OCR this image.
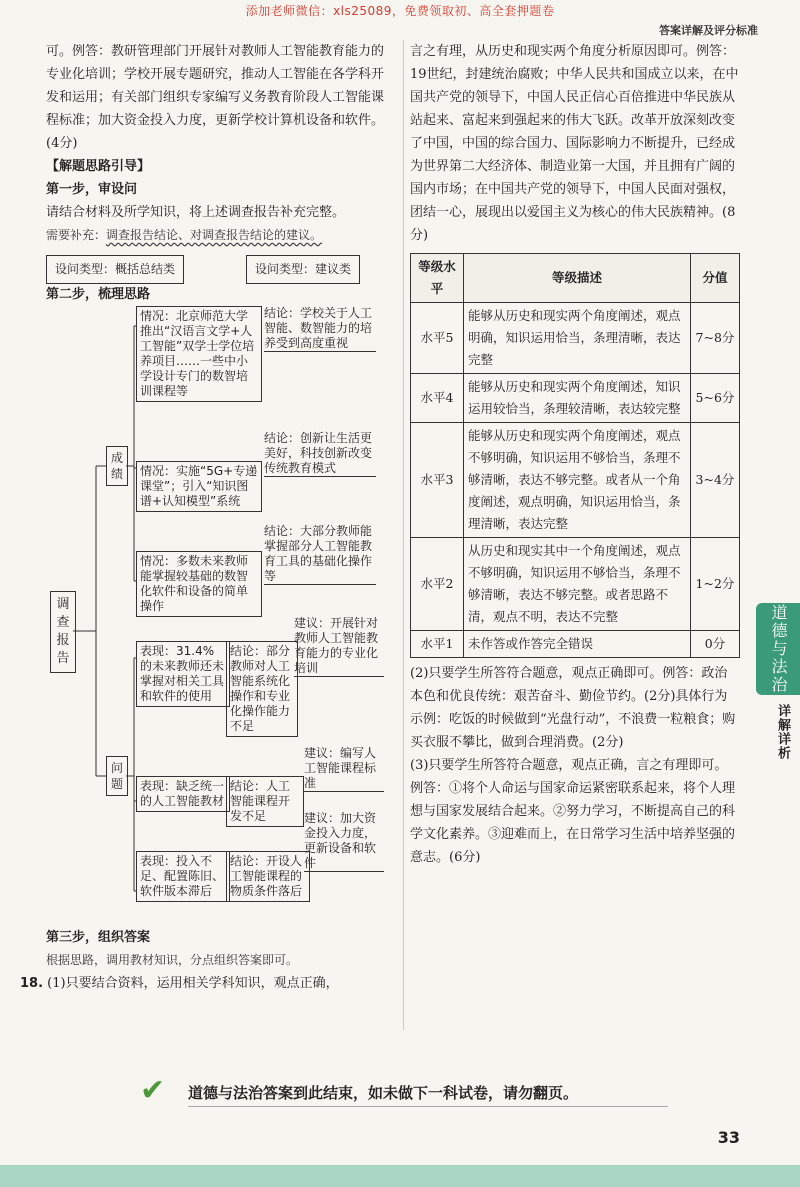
添加老师微信：xls25089，免费领取初、高全套押题卷
答案详解及评分标准

可。例答：教研管理部门开展针对教师人工智能教育能力的专业化培训；学校开展专题研究，推动人工智能在各学科开发和运用；有关部门组织专家编写义务教育阶段人工智能课程标准；加大资金投入力度，更新学校计算机设备和软件。(4分)

【解题思路引导】

第一步，审设问

请结合材料及所学知识，将上述调查报告补充完整。

需要补充：调查报告结论、对调查报告结论的建议。

设问类型：概括总结类	设问类型：建议类

第二步，梳理思路

调查报告
成绩
问题
情况：北京师范大学推出“汉语言文学+人工智能”双学士学位培养项目……一些中小学设计专门的数智培训课程等
结论：学校关于人工智能、数智能力的培养受到高度重视
情况：实施“5G+专递课堂”；引入“知识图谱+认知模型”系统
结论：创新让生活更美好，科技创新改变传统教育模式
情况：多数未来教师能掌握较基础的数智化软件和设备的简单操作
结论：大部分教师能掌握部分人工智能教育工具的基础化操作等
建议：开展针对教师人工智能教育能力的专业化培训
表现：31.4%的未来教师还未掌握对相关工具和软件的使用
结论：部分教师对人工智能系统化操作和专业化操作能力不足
建议：编写人工智能课程标准
表现：缺乏统一的人工智能教材
结论：人工智能课程开发不足	建议：加大资金投入力度，更新设备和软件
表现：投入不足、配置陈旧、软件版本滞后
结论：开设人工智能课程的物质条件落后

第三步，组织答案

根据思路，调用教材知识，分点组织答案即可。

18. (1)只要结合资料，运用相关学科知识，观点正确，

言之有理，从历史和现实两个角度分析原因即可。例答：19世纪，封建统治腐败；中华人民共和国成立以来，在中国共产党的领导下，中国人民正信心百倍推进中华民族从站起来、富起来到强起来的伟大飞跃。改革开放深刻改变了中国，中国的综合国力、国际影响力不断提升，已经成为世界第二大经济体、制造业第一大国，并且拥有广阔的国内市场；在中国共产党的领导下，中国人民面对强权，团结一心，展现出以爱国主义为核心的伟大民族精神。(8分)

等级水平	等级描述	分值
水平5	能够从历史和现实两个角度阐述，观点明确，知识运用恰当，条理清晰，表达完整	7~8分
水平4	能够从历史和现实两个角度阐述，知识运用较恰当，条理较清晰，表达较完整	5~6分
水平3	能够从历史和现实两个角度阐述，观点不够明确，知识运用不够恰当，条理不够清晰，表达不够完整。或者从一个角度阐述，观点明确，知识运用恰当，条理清晰，表达完整	3~4分
水平2	从历史和现实其中一个角度阐述，观点不够明确，知识运用不够恰当，条理不够清晰，表达不够完整。或者思路不清，观点不明，表达不完整	1~2分
水平1	未作答或作答完全错误	0分

(2)只要学生所答符合题意，观点正确即可。例答：政治本色和优良传统：艰苦奋斗、勤俭节约。(2分)具体行为示例：吃饭的时候做到“光盘行动”，不浪费一粒粮食；购买衣服不攀比，做到合理消费。(2分)

(3)只要学生所答符合题意，观点正确，言之有理即可。例答：①将个人命运与国家命运紧密联系起来，将个人理想与国家发展结合起来。②努力学习，不断提高自己的科学文化素养。③迎难而上，在日常学习生活中培养坚强的意志。(6分)

道德与法治
详解详析
✔ 道德与法治答案到此结束，如未做下一科试卷，请勿翻页。
33
